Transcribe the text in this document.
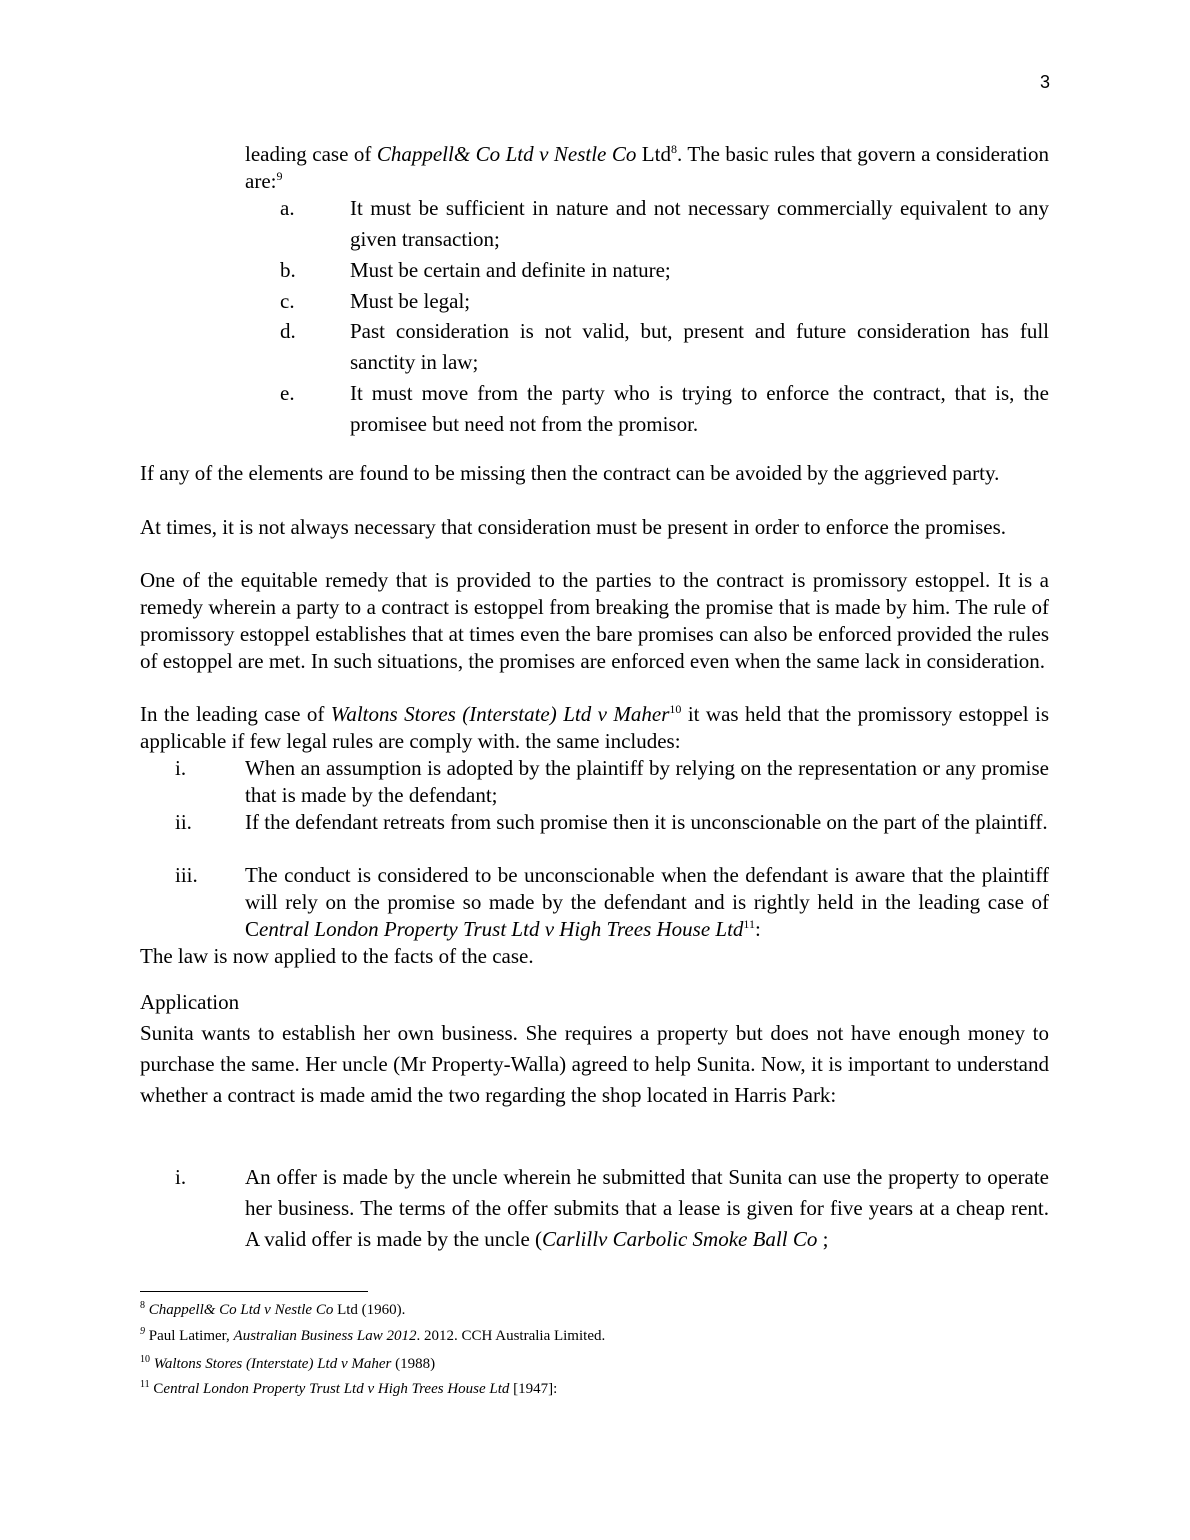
3
leading case of Chappell& Co Ltd v Nestle Co Ltd$^8$. The basic rules that govern a consideration are:$^9$
a.	It must be sufficient in nature and not necessary commercially equivalent to any given transaction;
b.	Must be certain and definite in nature;
c.	Must be legal;
d.	Past consideration is not valid, but, present and future consideration has full sanctity in law;
e.	It must move from the party who is trying to enforce the contract, that is, the promisee but need not from the promisor.
If any of the elements are found to be missing then the contract can be avoided by the aggrieved party.
At times, it is not always necessary that consideration must be present in order to enforce the promises.
One of the equitable remedy that is provided to the parties to the contract is promissory estoppel. It is a remedy wherein a party to a contract is estoppel from breaking the promise that is made by him. The rule of promissory estoppel establishes that at times even the bare promises can also be enforced provided the rules of estoppel are met. In such situations, the promises are enforced even when the same lack in consideration.
In the leading case of Waltons Stores (Interstate) Ltd v Maher$^{10}$ it was held that the promissory estoppel is applicable if few legal rules are comply with. the same includes:
i.	When an assumption is adopted by the plaintiff by relying on the representation or any promise that is made by the defendant;
ii.	If the defendant retreats from such promise then it is unconscionable on the part of the plaintiff.
iii. The conduct is considered to be unconscionable when the defendant is aware that the plaintiff will rely on the promise so made by the defendant and is rightly held in the leading case of Central London Property Trust Ltd v High Trees House Ltd$^{11}$:
The law is now applied to the facts of the case.
Application
Sunita wants to establish her own business. She requires a property but does not have enough money to purchase the same. Her uncle (Mr Property-Walla) agreed to help Sunita. Now, it is important to understand whether a contract is made amid the two regarding the shop located in Harris Park:
i.	An offer is made by the uncle wherein he submitted that Sunita can use the property to operate her business. The terms of the offer submits that a lease is given for five years at a cheap rent. A valid offer is made by the uncle (Carlillv Carbolic Smoke Ball Co ;
$^8$ Chappell& Co Ltd v Nestle Co Ltd (1960).
$^9$ Paul Latimer, Australian Business Law 2012. 2012. CCH Australia Limited.
$^{10}$ Waltons Stores (Interstate) Ltd v Maher (1988)
$^{11}$ Central London Property Trust Ltd v High Trees House Ltd [1947]:
